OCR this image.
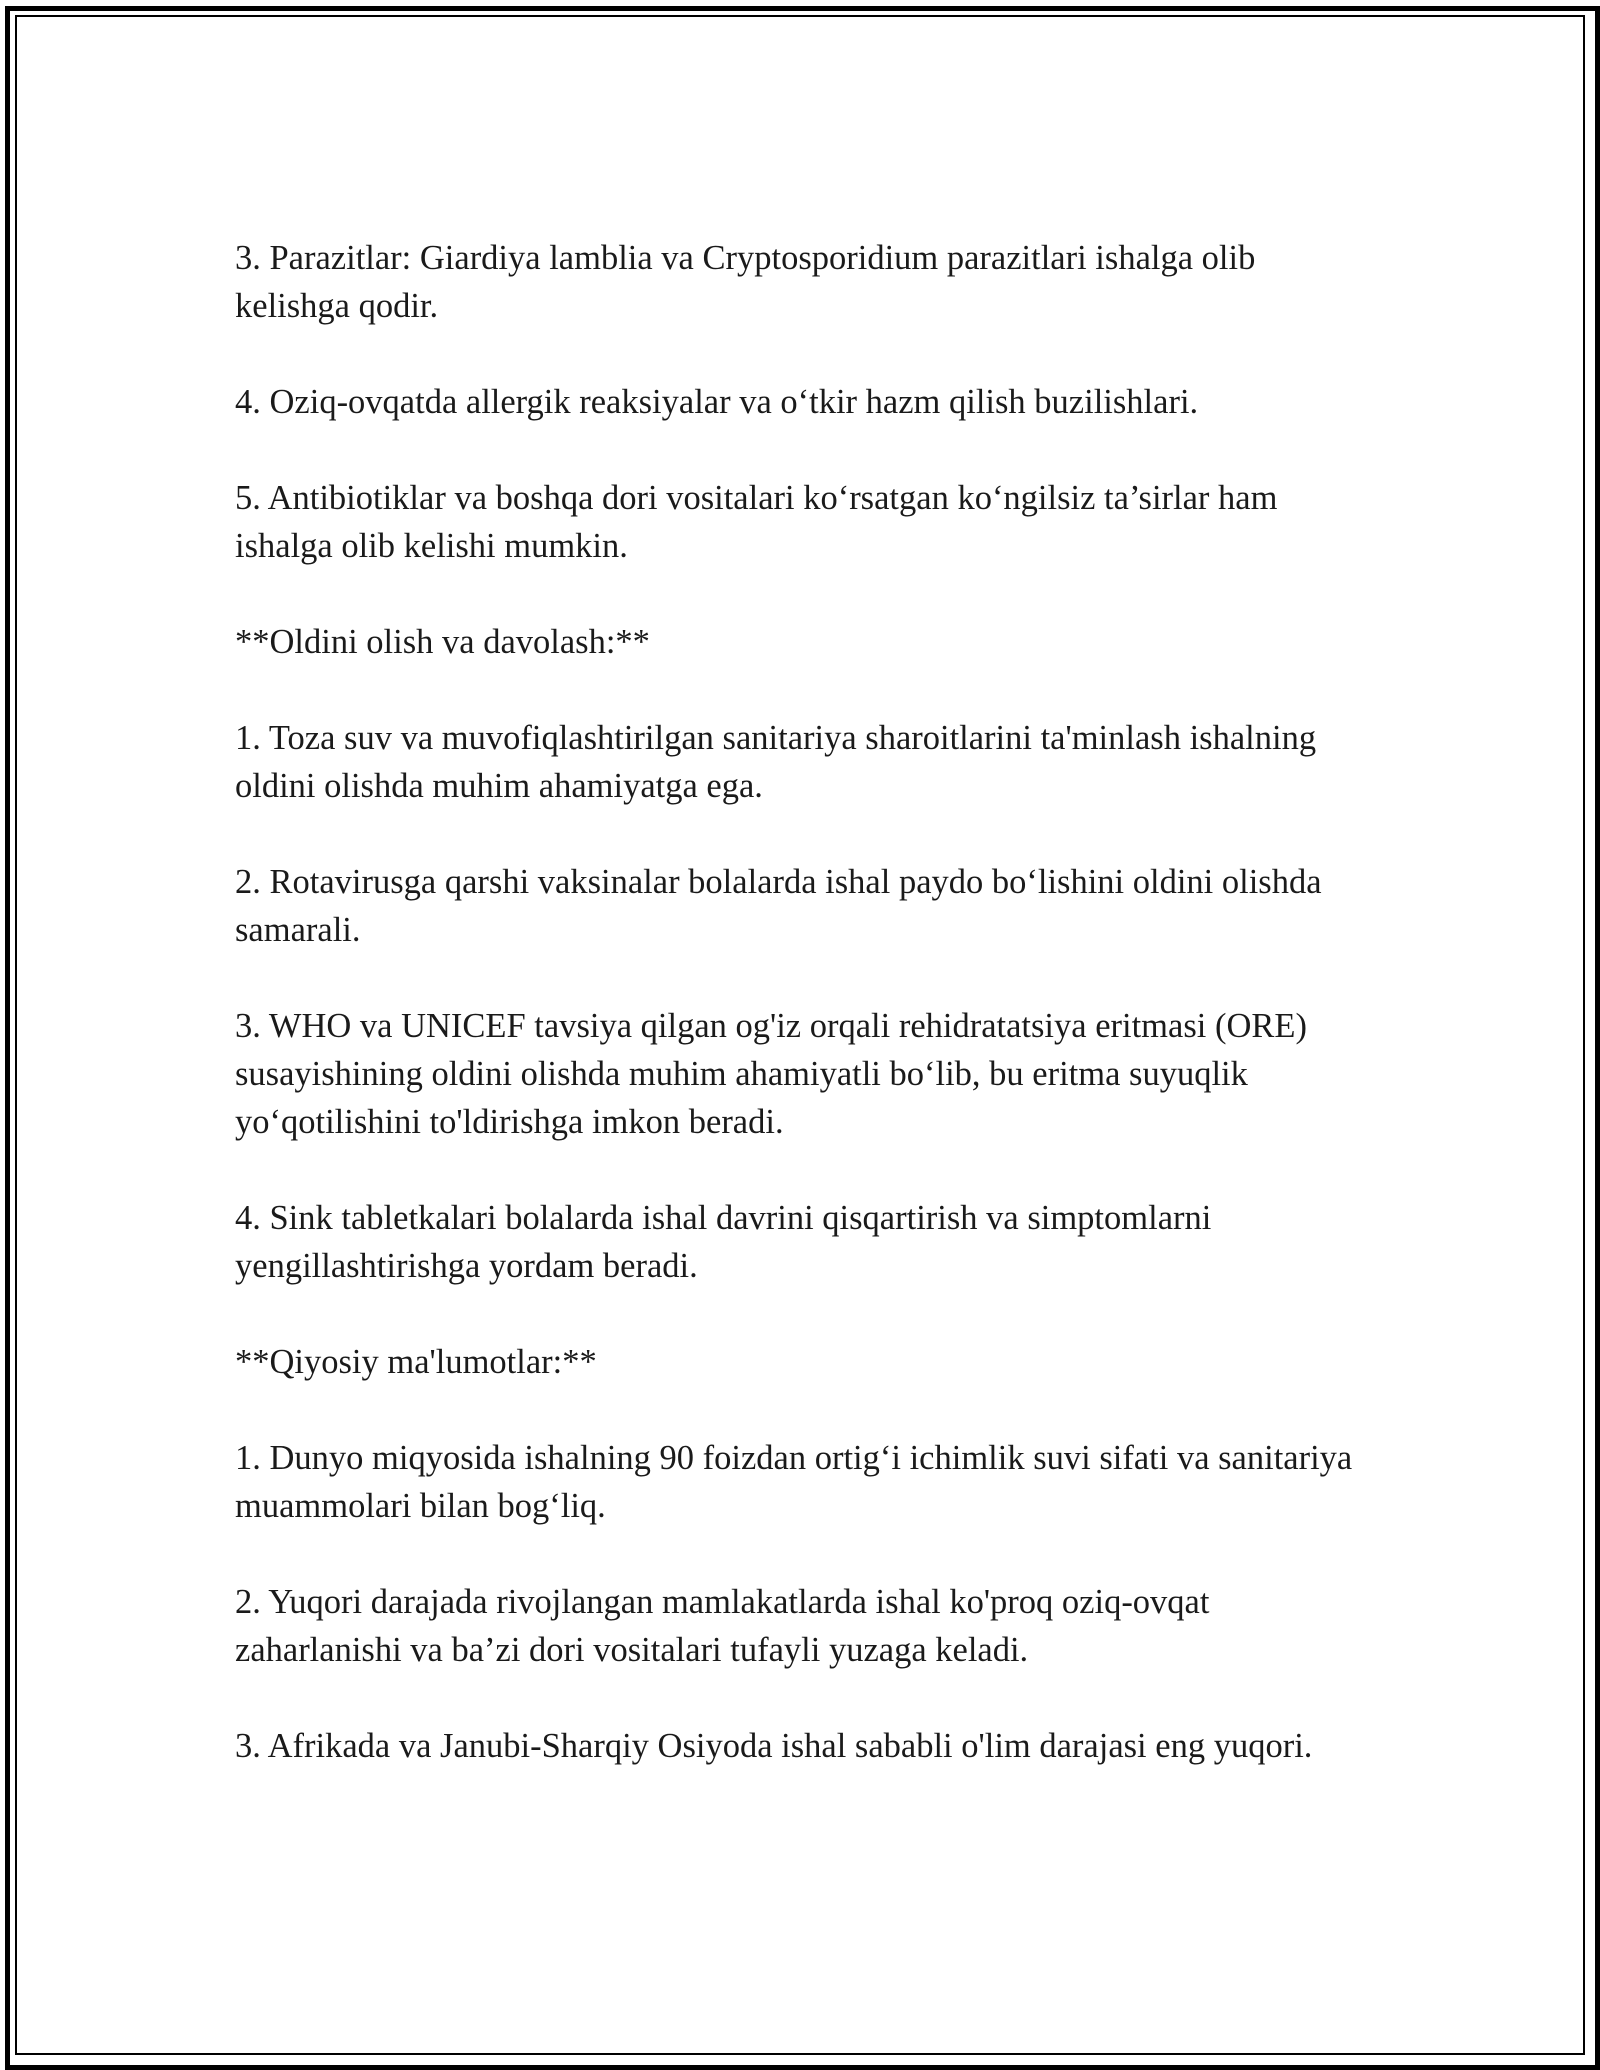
3. Parazitlar: Giardiya lamblia va Cryptosporidium parazitlari ishalga olib kelishga qodir.

4. Oziq-ovqatda allergik reaksiyalar va o‘tkir hazm qilish buzilishlari.

5. Antibiotiklar va boshqa dori vositalari ko‘rsatgan ko‘ngilsiz ta’sirlar ham ishalga olib kelishi mumkin.

**Oldini olish va davolash:**

1. Toza suv va muvofiqlashtirilgan sanitariya sharoitlarini ta'minlash ishalning oldini olishda muhim ahamiyatga ega.

2. Rotavirusga qarshi vaksinalar bolalarda ishal paydo bo‘lishini oldini olishda samarali.

3. WHO va UNICEF tavsiya qilgan og'iz orqali rehidratatsiya eritmasi (ORE) susayishining oldini olishda muhim ahamiyatli bo‘lib, bu eritma suyuqlik yo‘qotilishini to'ldirishga imkon beradi.

4. Sink tabletkalari bolalarda ishal davrini qisqartirish va simptomlarni yengillashtirishga yordam beradi.

**Qiyosiy ma'lumotlar:**

1. Dunyo miqyosida ishalning 90 foizdan ortig‘i ichimlik suvi sifati va sanitariya muammolari bilan bog‘liq.

2. Yuqori darajada rivojlangan mamlakatlarda ishal ko'proq oziq-ovqat zaharlanishi va ba’zi dori vositalari tufayli yuzaga keladi.

3. Afrikada va Janubi-Sharqiy Osiyoda ishal sababli o'lim darajasi eng yuqori.
